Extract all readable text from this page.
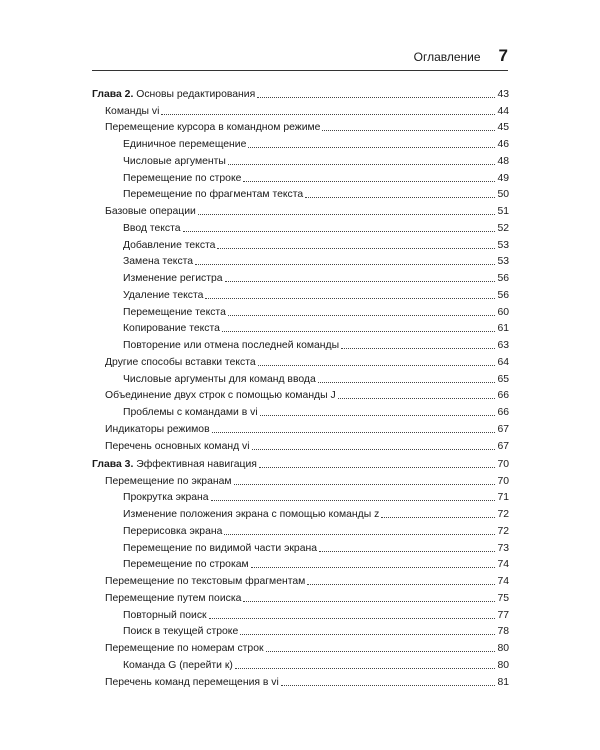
Оглавление 7
Глава 2. Основы редактирования	43
Команды vi	44
Перемещение курсора в командном режиме	45
Единичное перемещение	46
Числовые аргументы	48
Перемещение по строке	49
Перемещение по фрагментам текста	50
Базовые операции	51
Ввод текста	52
Добавление текста	53
Замена текста	53
Изменение регистра	56
Удаление текста	56
Перемещение текста	60
Копирование текста	61
Повторение или отмена последней команды	63
Другие способы вставки текста	64
Числовые аргументы для команд ввода	65
Объединение двух строк с помощью команды J	66
Проблемы с командами в vi	66
Индикаторы режимов	67
Перечень основных команд vi	67
Глава 3. Эффективная навигация	70
Перемещение по экранам	70
Прокрутка экрана	71
Изменение положения экрана с помощью команды z	72
Перерисовка экрана	72
Перемещение по видимой части экрана	73
Перемещение по строкам	74
Перемещение по текстовым фрагментам	74
Перемещение путем поиска	75
Повторный поиск	77
Поиск в текущей строке	78
Перемещение по номерам строк	80
Команда G (перейти к)	80
Перечень команд перемещения в vi	81
